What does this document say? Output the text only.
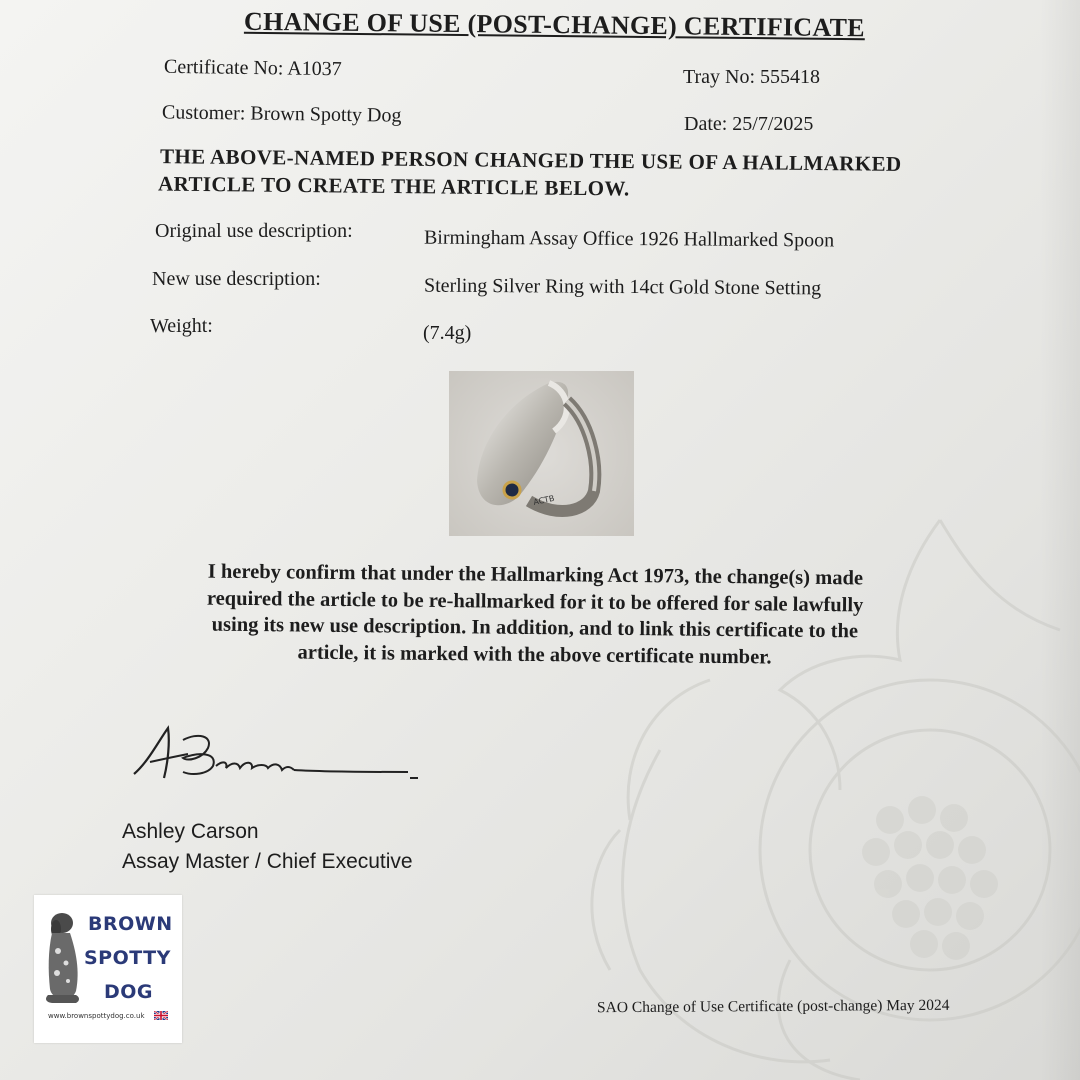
CHANGE OF USE (POST-CHANGE) CERTIFICATE
Certificate No: A1037	Tray No: 555418
Customer: Brown Spotty Dog	Date: 25/7/2025
THE ABOVE-NAMED PERSON CHANGED THE USE OF A HALLMARKED
ARTICLE TO CREATE THE ARTICLE BELOW.
Original use description:	Birmingham Assay Office 1926 Hallmarked Spoon
New use description:	Sterling Silver Ring with 14ct Gold Stone Setting
Weight:	(7.4g)
ACTB
I hereby confirm that under the Hallmarking Act 1973, the change(s) made
required the article to be re-hallmarked for it to be offered for sale lawfully
using its new use description. In addition, and to link this certificate to the
article, it is marked with the above certificate number.
Ashley Carson
Assay Master / Chief Executive
SAO Change of Use Certificate (post-change) May 2024
BROWN
SPOTTY
DOG
www.brownspottydog.co.uk
